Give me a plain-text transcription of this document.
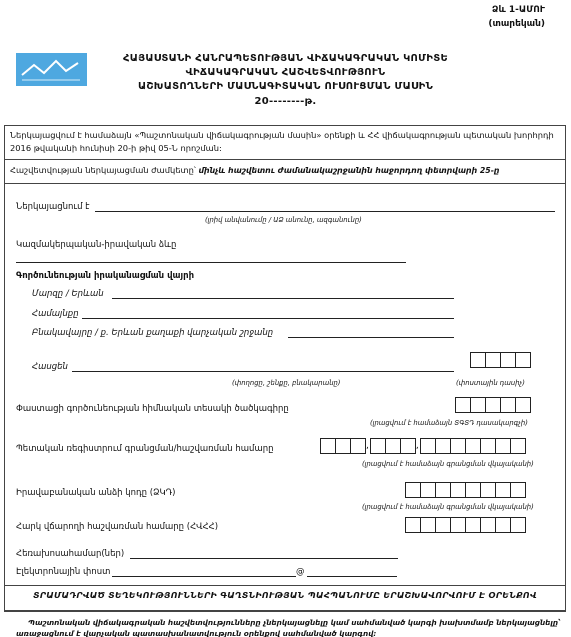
Ձև 1-ԱՄՈՒ
(տարեկան)
ՀԱՅԱՍՏԱՆԻ ՀԱՆՐԱՊԵՏՈՒԹՅԱՆ ՎԻՃԱԿԱԳՐԱԿԱՆ ԿՈՄԻՏԵ
ՎԻՃԱԿԱԳՐԱԿԱՆ ՀԱՇՎԵՏՎՈՒԹՅՈՒՆ
ԱՇԽԱՏՈՂՆԵՐԻ ՄԱՍՆԱԳԻՏԱԿԱՆ ՈՒՍՈՒՑՄԱՆ ՄԱՍԻՆ
20--------թ.
Ներկայացվում է համաձայն «Պաշտոնական վիճակագրության մասին» օրենքի և ՀՀ վիճակագրության պետական խորհրդի 2016 թվականի հունիսի 20-ի թիվ 05-Ն որոշման:
Հաշվետվության ներկայացման ժամկետը՝ մինչև հաշվետու ժամանակաշրջանին հաջորդող փետրվարի 25-ը
Ներկայացնում է
(լրիվ անվանումը / ԱՁ անունը, ազգանունը)
Կազմակերպական-իրավական ձևը
Գործունեության իրականացման վայրի
Մարզը / Երևան
Համայնքը
Բնակավայրը / ք. Երևան քաղաքի վարչական շրջանը
Հասցեն
(փողոցը, շենքը, բնակարանը)	(փոստային դասիչ)
Փաստացի գործունեության հիմնական տեսակի ծածկագիրը
(լրացվում է համաձայն ՏԳՏԴ դասակարգչի)
Պետական ռեգիստրում գրանցման/հաշվառման համարը	,	,
(լրացվում է համաձայն գրանցման վկայականի)
Իրավաբանական անձի կոդը (ՁԿԴ)
(լրացվում է համաձայն գրանցման վկայականի)
Հարկ վճարողի հաշվառման համարը (ՀՎՀՀ)
Հեռախոսահամար(ներ)
Էլեկտրոնային փոստ	@
ՏՐԱՄԱԴՐՎԱԾ ՏԵՂԵԿՈՒԹՅՈՒՆՆԵՐԻ ԳԱՂՏՆԻՈՒԹՅԱՆ ՊԱՀՊԱՆՈՒՄԸ ԵՐԱՇԽԱՎՈՐՎՈՒՄ Է ՕՐԵՆՔՈՎ
Պաշտոնական վիճակագրական հաշվետվությունները չներկայացնելը կամ սահմանված կարգի խախտմամբ ներկայացնելը՝ առաջացնում է վարչական պատասխանատվություն օրենքով սահմանված կարգով:
